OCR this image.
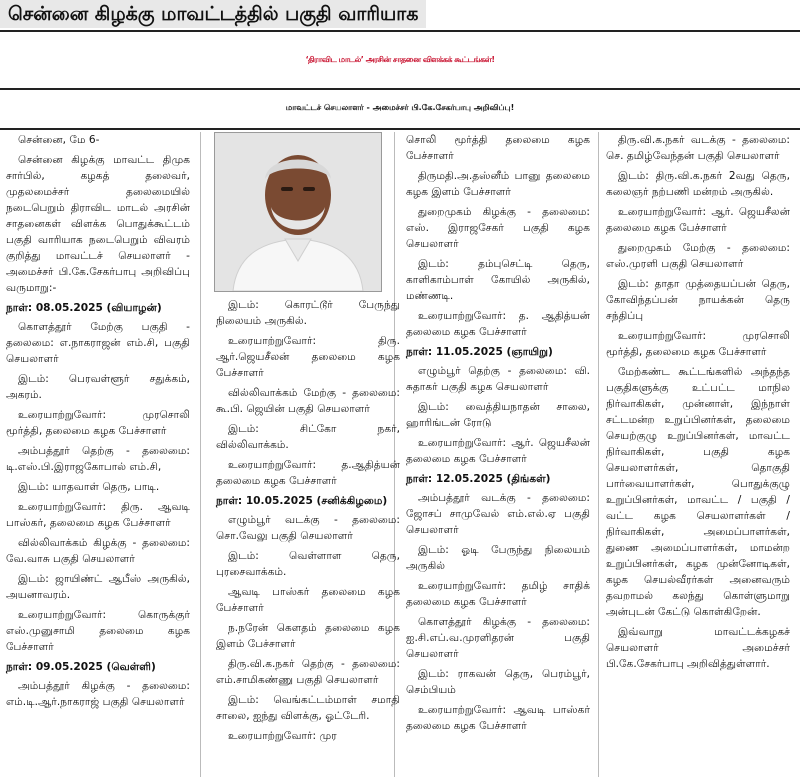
சென்னை கிழக்கு மாவட்டத்தில் பகுதி வாரியாக
‘திராவிட மாடல்’ அரசின் சாதனை விளக்கக் கூட்டங்கள்!
மாவட்டச் செயலாளர் - அமைச்சர் பி.கே.சேகர்பாபு அறிவிப்பு!

சென்னை, மே 6-

சென்னை கிழக்கு மாவட்ட திமுக சார்பில், கழகத் தலைவர், முதலமைச்சர் தலைமையில் நடைபெறும் திராவிட மாடல் அரசின் சாதனைகள் விளக்க பொதுக்கூட்டம் பகுதி வாரியாக நடைபெறும் விவரம் குறித்து மாவட்டச் செயலாளர் - அமைச்சர் பி.கே.சேகர்பாபு அறிவிப்பு வருமாறு:-

நாள்: 08.05.2025 (வியாழன்)

கொளத்தூர் மேற்கு பகுதி - தலைமை: எ.நாகராஜன் எம்.சி, பகுதி செயலாளர்

இடம்: பெரவள்ளூர் சதுக்கம், அகரம்.

உரையாற்றுவோர்: முரசொலி மூர்த்தி, தலைமை கழக பேச்சாளர்

அம்பத்தூர் தெற்கு - தலைமை: டி.எஸ்.பி.இராஜகோபால் எம்.சி,

இடம்: யாதவாள் தெரு, பாடி.

உரையாற்றுவோர்: திரு. ஆவடி பாஸ்கர், தலைமை கழக பேச்சாளர்

வில்லிவாக்கம் கிழக்கு - தலைமை: வே.வாசு பகுதி செயலாளர்

இடம்: ஜாயிண்ட் ஆபீஸ் அருகில், அயனாவரம்.

உரையாற்றுவோர்: கொருக்குர் எஸ்.முனுசாமி தலைமை கழக பேச்சாளர்

நாள்: 09.05.2025 (வெள்ளி)

அம்பத்தூர் கிழக்கு - தலைமை: எம்.டி.ஆர்.நாகராஜ் பகுதி செயலாளர்

இடம்: கொரட்டூர் பேருந்து நிலையம் அருகில்.

உரையாற்றுவோர்: திரு. ஆர்.ஜெயசீலன் தலைமை கழக பேச்சாளர்

வில்லிவாக்கம் மேற்கு - தலைமை: கூ.பி. ஜெயின் பகுதி செயலாளர்

இடம்: சிட்கோ நகர், வில்லிவாக்கம்.

உரையாற்றுவோர்: த.ஆதித்யன் தலைமை கழக பேச்சாளர்

நாள்: 10.05.2025 (சனிக்கிழமை)

எழும்பூர் வடக்கு - தலைமை: சொ.வேலு பகுதி செயலாளர்

இடம்: வெள்ளாள தெரு, புரசைவாக்கம்.

ஆவடி பாஸ்கர் தலைமை கழக பேச்சாளர்

ந.நரேன் கௌதம் தலைமை கழக இளம் பேச்சாளர்

திரு.வி.க.நகர் தெற்கு - தலைமை: எம்.சாமிகண்ணு பகுதி செயலாளர்

இடம்: வெங்கட்டம்மாள் சமாதி சாலை, ஐந்து விளக்கு, ஓட்டேரி.

உரையாற்றுவோர்: முர

சொலி மூர்த்தி தலைமை கழக பேச்சாளர்

திருமதி.அ.தஸ்னீம் பானு தலைமை கழக இளம் பேச்சாளர்

துறைமுகம் கிழக்கு - தலைமை: எஸ். இராஜசேகர் பகுதி கழக செயலாளர்

இடம்: தம்புசெட்டி தெரு, காளிகாம்பாள் கோயில் அருகில், மண்ணடி.

உரையாற்றுவோர்: த. ஆதித்யன் தலைமை கழக பேச்சாளர்

நாள்: 11.05.2025 (ஞாயிறு)

எழும்பூர் தெற்கு - தலைமை: வி. சுதாகர் பகுதி கழக செயலாளர்

இடம்: வைத்தியநாதன் சாலை, ஹாரிங்டன் ரோடு

உரையாற்றுவோர்: ஆர். ஜெயசீலன் தலைமை கழக பேச்சாளர்

நாள்: 12.05.2025 (திங்கள்)

அம்பத்தூர் வடக்கு - தலைமை: ஜோசப் சாமுவேல் எம்.எல்.ஏ பகுதி செயலாளர்

இடம்: ஓடி பேருந்து நிலையம் அருகில்

உரையாற்றுவோர்: தமிழ் சாதிக் தலைமை கழக பேச்சாளர்

கொளத்தூர் கிழக்கு - தலைமை: ஐ.சி.எப்.வ.முரளிதரன் பகுதி செயலாளர்

இடம்: ராகவன் தெரு, பெரம்பூர், செம்பியம்

உரையாற்றுவோர்: ஆவடி பாஸ்கர் தலைமை கழக பேச்சாளர்

திரு.வி.க.நகர் வடக்கு - தலைமை: செ. தமிழ்வேந்தன் பகுதி செயலாளர்

இடம்: திரு.வி.க.நகர் 2வது தெரு, கலைஞர் நற்பணி மன்றம் அருகில்.

உரையாற்றுவோர்: ஆர். ஜெயசீலன் தலைமை கழக பேச்சாளர்

துறைமுகம் மேற்கு - தலைமை: எஸ்.முரளி பகுதி செயலாளர்

இடம்: தாதா முத்தையப்பன் தெரு, கோவிந்தப்பன் நாயக்கன் தெரு சந்திப்பு

உரையாற்றுவோர்: முரசொலி மூர்த்தி, தலைமை கழக பேச்சாளர்

மேற்கண்ட கூட்டங்களில் அந்தந்த பகுதிகளுக்கு உட்பட்ட மாநில நிர்வாகிகள், முன்னாள், இந்நாள் சட்டமன்ற உறுப்பினர்கள், தலைமை செயற்குழு உறுப்பினர்கள், மாவட்ட நிர்வாகிகள், பகுதி கழக செயலாளர்கள், தொகுதி பார்வையாளர்கள், பொதுக்குழு உறுப்பினர்கள், மாவட்ட / பகுதி / வட்ட கழக செயலாளர்கள் / நிர்வாகிகள், அமைப்பாளர்கள், துணை அமைப்பாளர்கள், மாமன்ற உறுப்பினர்கள், கழக முன்னோடிகள், கழக செயல்வீரர்கள் அனைவரும் தவறாமல் கலந்து கொள்ளுமாறு அன்புடன் கேட்டு கொள்கிறேன்.

இவ்வாறு மாவட்டக்கழகச் செயலாளர் அமைச்சர் பி.கே.சேகர்பாபு அறிவித்துள்ளார்.
